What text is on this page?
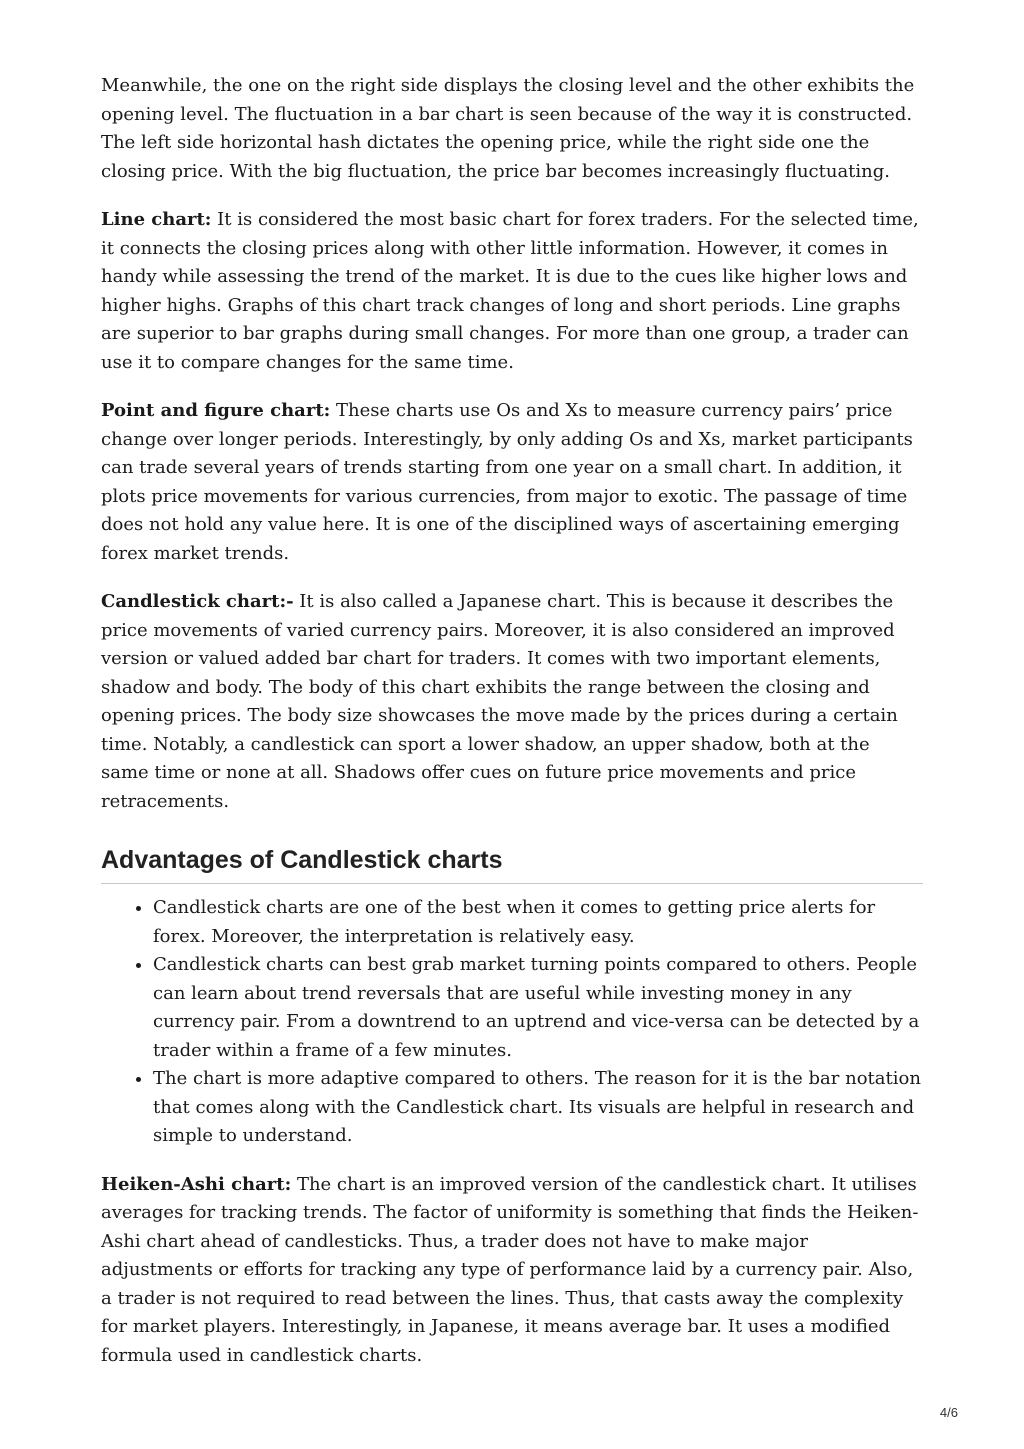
Meanwhile, the one on the right side displays the closing level and the other exhibits the opening level. The fluctuation in a bar chart is seen because of the way it is constructed. The left side horizontal hash dictates the opening price, while the right side one the closing price. With the big fluctuation, the price bar becomes increasingly fluctuating.

Line chart: It is considered the most basic chart for forex traders. For the selected time, it connects the closing prices along with other little information. However, it comes in handy while assessing the trend of the market. It is due to the cues like higher lows and higher highs. Graphs of this chart track changes of long and short periods. Line graphs are superior to bar graphs during small changes. For more than one group, a trader can use it to compare changes for the same time.

Point and figure chart: These charts use Os and Xs to measure currency pairs’ price change over longer periods. Interestingly, by only adding Os and Xs, market participants can trade several years of trends starting from one year on a small chart. In addition, it plots price movements for various currencies, from major to exotic. The passage of time does not hold any value here. It is one of the disciplined ways of ascertaining emerging forex market trends.

Candlestick chart:- It is also called a Japanese chart. This is because it describes the price movements of varied currency pairs. Moreover, it is also considered an improved version or valued added bar chart for traders. It comes with two important elements, shadow and body. The body of this chart exhibits the range between the closing and opening prices. The body size showcases the move made by the prices during a certain time. Notably, a candlestick can sport a lower shadow, an upper shadow, both at the same time or none at all. Shadows offer cues on future price movements and price retracements.

Advantages of Candlestick charts
• Candlestick charts are one of the best when it comes to getting price alerts for forex. Moreover, the interpretation is relatively easy.
• Candlestick charts can best grab market turning points compared to others. People can learn about trend reversals that are useful while investing money in any currency pair. From a downtrend to an uptrend and vice-versa can be detected by a trader within a frame of a few minutes.
• The chart is more adaptive compared to others. The reason for it is the bar notation that comes along with the Candlestick chart. Its visuals are helpful in research and simple to understand.

Heiken-Ashi chart: The chart is an improved version of the candlestick chart. It utilises averages for tracking trends. The factor of uniformity is something that finds the Heiken-Ashi chart ahead of candlesticks. Thus, a trader does not have to make major adjustments or efforts for tracking any type of performance laid by a currency pair. Also, a trader is not required to read between the lines. Thus, that casts away the complexity for market players. Interestingly, in Japanese, it means average bar. It uses a modified formula used in candlestick charts.

4/6
